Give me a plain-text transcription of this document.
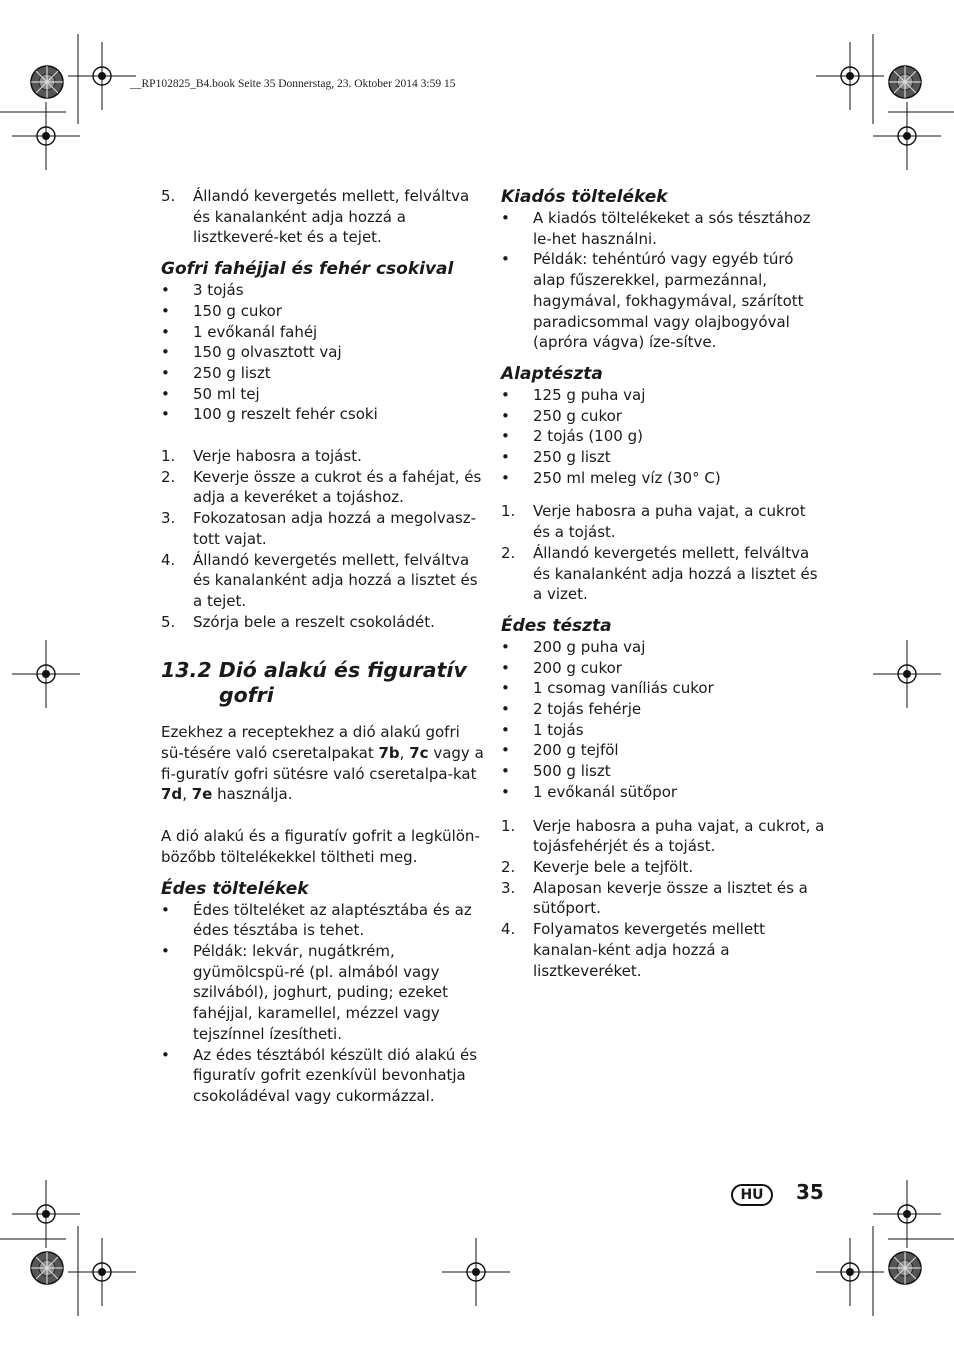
__RP102825_B4.book Seite 35 Donnerstag, 23. Oktober 2014 3:59 15
5. Állandó kevergetés mellett, felváltva és kanalanként adja hozzá a lisztkeveré-ket és a tejet.
Gofri fahéjjal és fehér csokival
• 3 tojás
• 150 g cukor
• 1 evőkanál fahéj
• 150 g olvasztott vaj
• 250 g liszt
• 50 ml tej
• 100 g reszelt fehér csoki
1. Verje habosra a tojást.
2. Keverje össze a cukrot és a fahéjat, és adja a keveréket a tojáshoz.
3. Fokozatosan adja hozzá a megolvasz-tott vajat.
4. Állandó kevergetés mellett, felváltva és kanalanként adja hozzá a lisztet és a tejet.
5. Szórja bele a reszelt csokoládét.
13.2 Dió alakú és figuratív gofri

Ezekhez a receptekhez a dió alakú gofri sü-tésére való cseretalpakat 7b, 7c vagy a fi-guratív gofri sütésre való cseretalpa-kat 7d, 7e használja.

A dió alakú és a figuratív gofrit a legkülön-bözőbb töltelékekkel töltheti meg.

Édes töltelékek
• Édes tölteléket az alaptésztába és az édes tésztába is tehet.
• Példák: lekvár, nugátkrém, gyümölcspü-ré (pl. almából vagy szilvából), joghurt, puding; ezeket fahéjjal, karamellel, mézzel vagy tejszínnel ízesítheti.
• Az édes tésztából készült dió alakú és figuratív gofrit ezenkívül bevonhatja csokoládéval vagy cukormázzal.
Kiadós töltelékek
• A kiadós töltelékeket a sós tésztához le-het használni.
• Példák: tehéntúró vagy egyéb túró alap fűszerekkel, parmezánnal, hagymával, fokhagymával, szárított paradicsommal vagy olajbogyóval (apróra vágva) íze-sítve.
Alaptészta
• 125 g puha vaj
• 250 g cukor
• 2 tojás (100 g)
• 250 g liszt
• 250 ml meleg víz (30° C)
1. Verje habosra a puha vajat, a cukrot és a tojást.
2. Állandó kevergetés mellett, felváltva és kanalanként adja hozzá a lisztet és a vizet.
Édes tészta
• 200 g puha vaj
• 200 g cukor
• 1 csomag vaníliás cukor
• 2 tojás fehérje
• 1 tojás
• 200 g tejföl
• 500 g liszt
• 1 evőkanál sütőpor
1. Verje habosra a puha vajat, a cukrot, a tojásfehérjét és a tojást.
2. Keverje bele a tejfölt.
3. Alaposan keverje össze a lisztet és a sütőport.
4. Folyamatos kevergetés mellett kanalan-ként adja hozzá a lisztkeveréket.
HU	35
